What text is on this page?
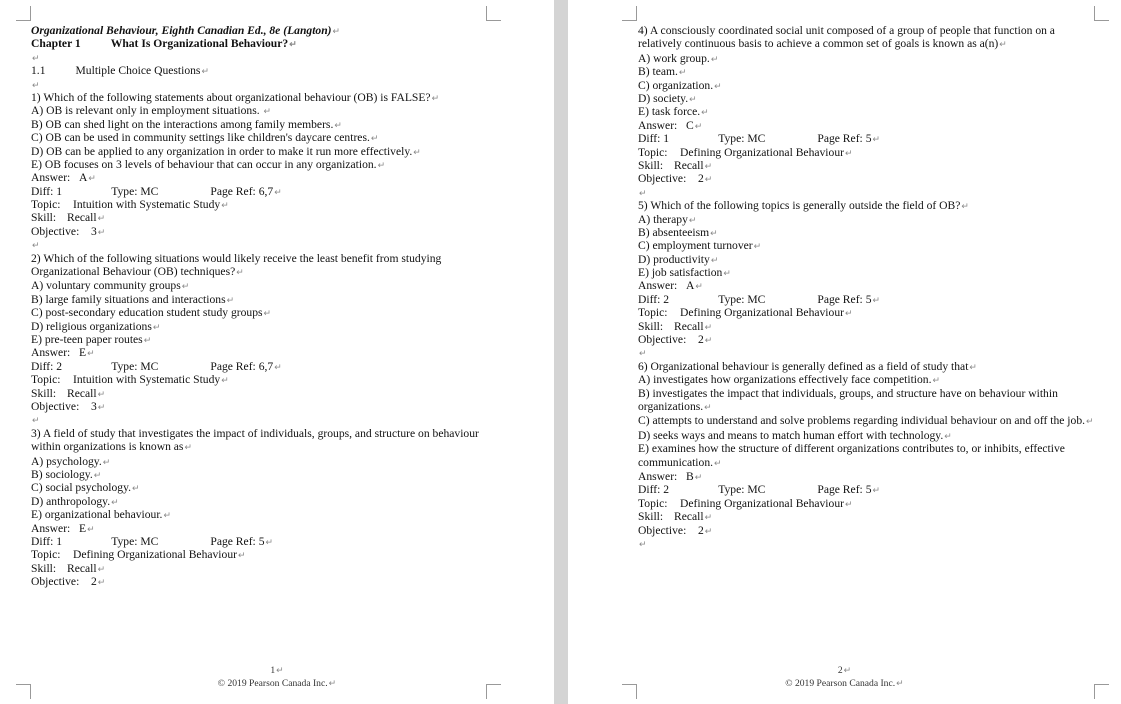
Organizational Behaviour, Eighth Canadian Ed., 8e (Langton)↵
Chapter 1	What Is Organizational Behaviour?↵
↵
1.1	Multiple Choice Questions↵
↵
1) Which of the following statements about organizational behaviour (OB) is FALSE?↵
A) OB is relevant only in employment situations. ↵
B) OB can shed light on the interactions among family members.↵
C) OB can be used in community settings like children's daycare centres.↵
D) OB can be applied to any organization in order to make it run more effectively.↵
E) OB focuses on 3 levels of behaviour that can occur in any organization.↵
Answer: A↵
Diff: 1	Type: MC	Page Ref: 6,7↵
Topic: Intuition with Systematic Study↵
Skill: Recall↵
Objective: 3↵
↵
2) Which of the following situations would likely receive the least benefit from studying Organizational Behaviour (OB) techniques?↵
A) voluntary community groups↵
B) large family situations and interactions↵
C) post-secondary education student study groups↵
D) religious organizations↵
E) pre-teen paper routes↵
Answer: E↵
Diff: 2	Type: MC	Page Ref: 6,7↵
Topic: Intuition with Systematic Study↵
Skill: Recall↵
Objective: 3↵
↵
3) A field of study that investigates the impact of individuals, groups, and structure on behaviour within organizations is known as↵
A) psychology.↵
B) sociology.↵
C) social psychology.↵
D) anthropology.↵
E) organizational behaviour.↵
Answer: E↵
Diff: 1	Type: MC	Page Ref: 5↵
Topic: Defining Organizational Behaviour↵
Skill: Recall↵
Objective: 2↵
1↵
© 2019 Pearson Canada Inc.↵
4) A consciously coordinated social unit composed of a group of people that function on a relatively continuous basis to achieve a common set of goals is known as a(n)↵
A) work group.↵
B) team.↵
C) organization.↵
D) society.↵
E) task force.↵
Answer: C↵
Diff: 1	Type: MC	Page Ref: 5↵
Topic: Defining Organizational Behaviour↵
Skill: Recall↵
Objective: 2↵
↵
5) Which of the following topics is generally outside the field of OB?↵
A) therapy↵
B) absenteeism↵
C) employment turnover↵
D) productivity↵
E) job satisfaction↵
Answer: A↵
Diff: 2	Type: MC	Page Ref: 5↵
Topic: Defining Organizational Behaviour↵
Skill: Recall↵
Objective: 2↵
↵
6) Organizational behaviour is generally defined as a field of study that↵
A) investigates how organizations effectively face competition.↵
B) investigates the impact that individuals, groups, and structure have on behaviour within organizations.↵
C) attempts to understand and solve problems regarding individual behaviour on and off the job.↵
D) seeks ways and means to match human effort with technology.↵
E) examines how the structure of different organizations contributes to, or inhibits, effective communication.↵
Answer: B↵
Diff: 2	Type: MC	Page Ref: 5↵
Topic: Defining Organizational Behaviour↵
Skill: Recall↵
Objective: 2↵
↵
2↵
© 2019 Pearson Canada Inc.↵
